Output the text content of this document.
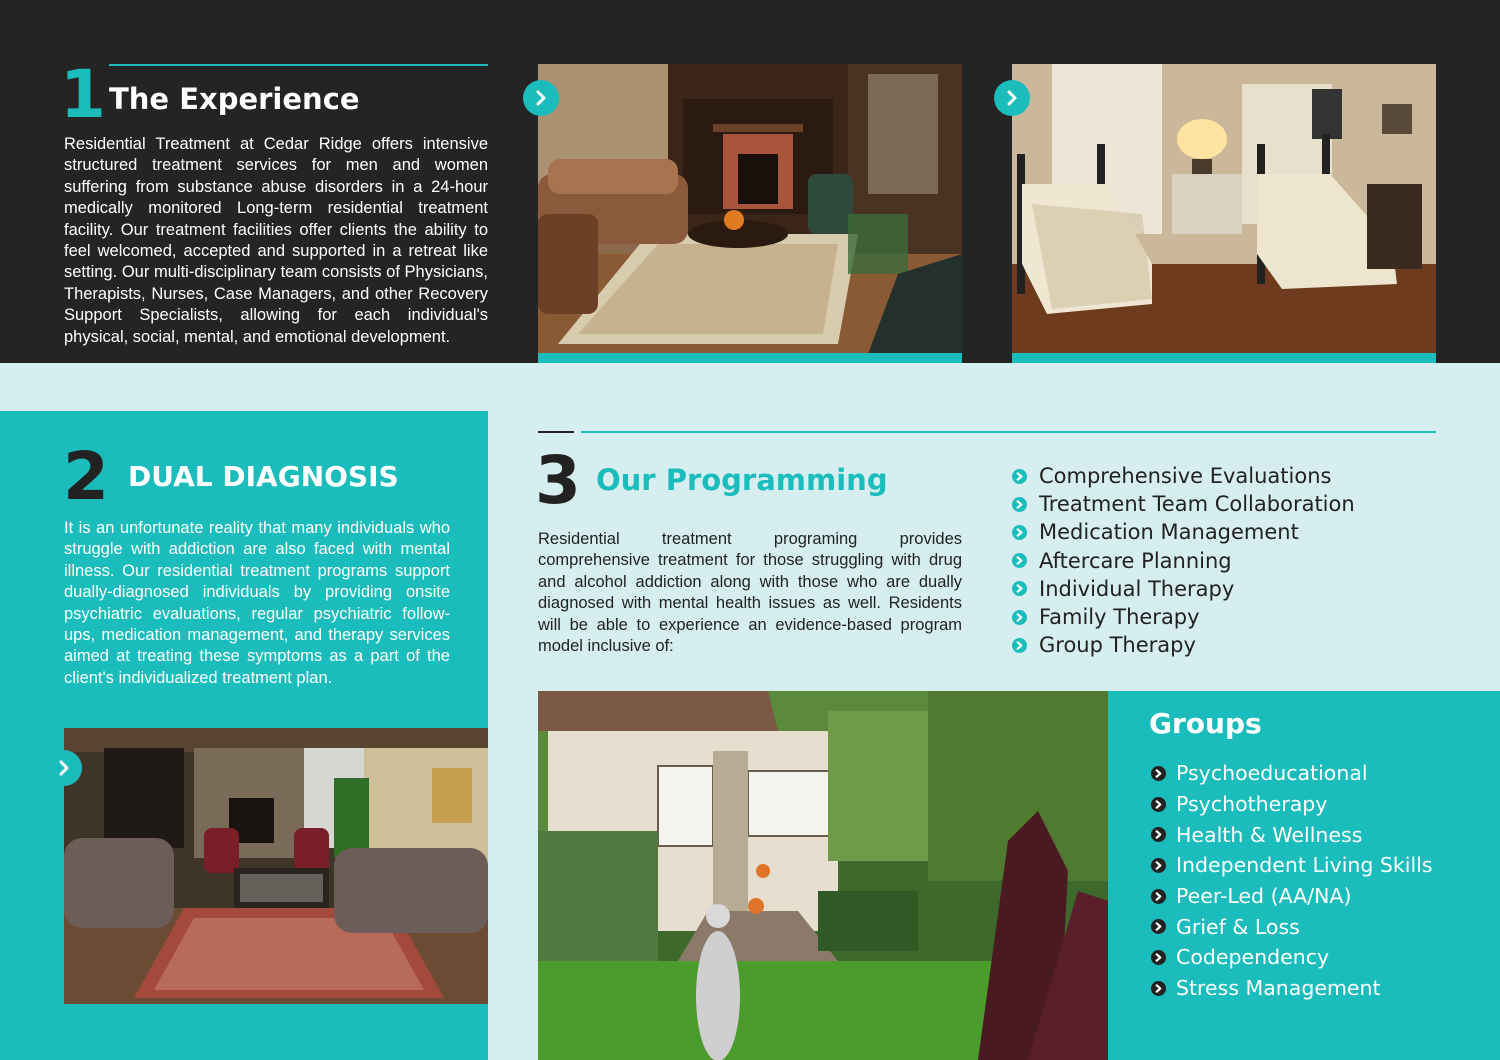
1 The Experience
Residential Treatment at Cedar Ridge offers intensive structured treatment services for men and women suffering from substance abuse disorders in a 24-hour medically monitored Long-term residential treatment facility. Our treatment facilities offer clients the ability to feel welcomed, accepted and supported in a retreat like setting. Our multi-disciplinary team consists of Physicians, Therapists, Nurses, Case Managers, and other Recovery Support Specialists, allowing for each individual's physical, social, mental, and emotional development.
2 DUAL DIAGNOSIS
It is an unfortunate reality that many individuals who struggle with addiction are also faced with mental illness. Our residential treatment programs support dually-diagnosed individuals by providing onsite psychiatric evaluations, regular psychiatric follow-ups, medication management, and therapy services aimed at treating these symptoms as a part of the client's individualized treatment plan.
3 Our Programming
Residential treatment programing provides comprehensive treatment for those struggling with drug and alcohol addiction along with those who are dually diagnosed with mental health issues as well. Residents will be able to experience an evidence-based program model inclusive of:
Comprehensive Evaluations
Treatment Team Collaboration
Medication Management
Aftercare Planning
Individual Therapy
Family Therapy
Group Therapy
Groups
Psychoeducational
Psychotherapy
Health & Wellness
Independent Living Skills
Peer-Led (AA/NA)
Grief & Loss
Codependency
Stress Management
